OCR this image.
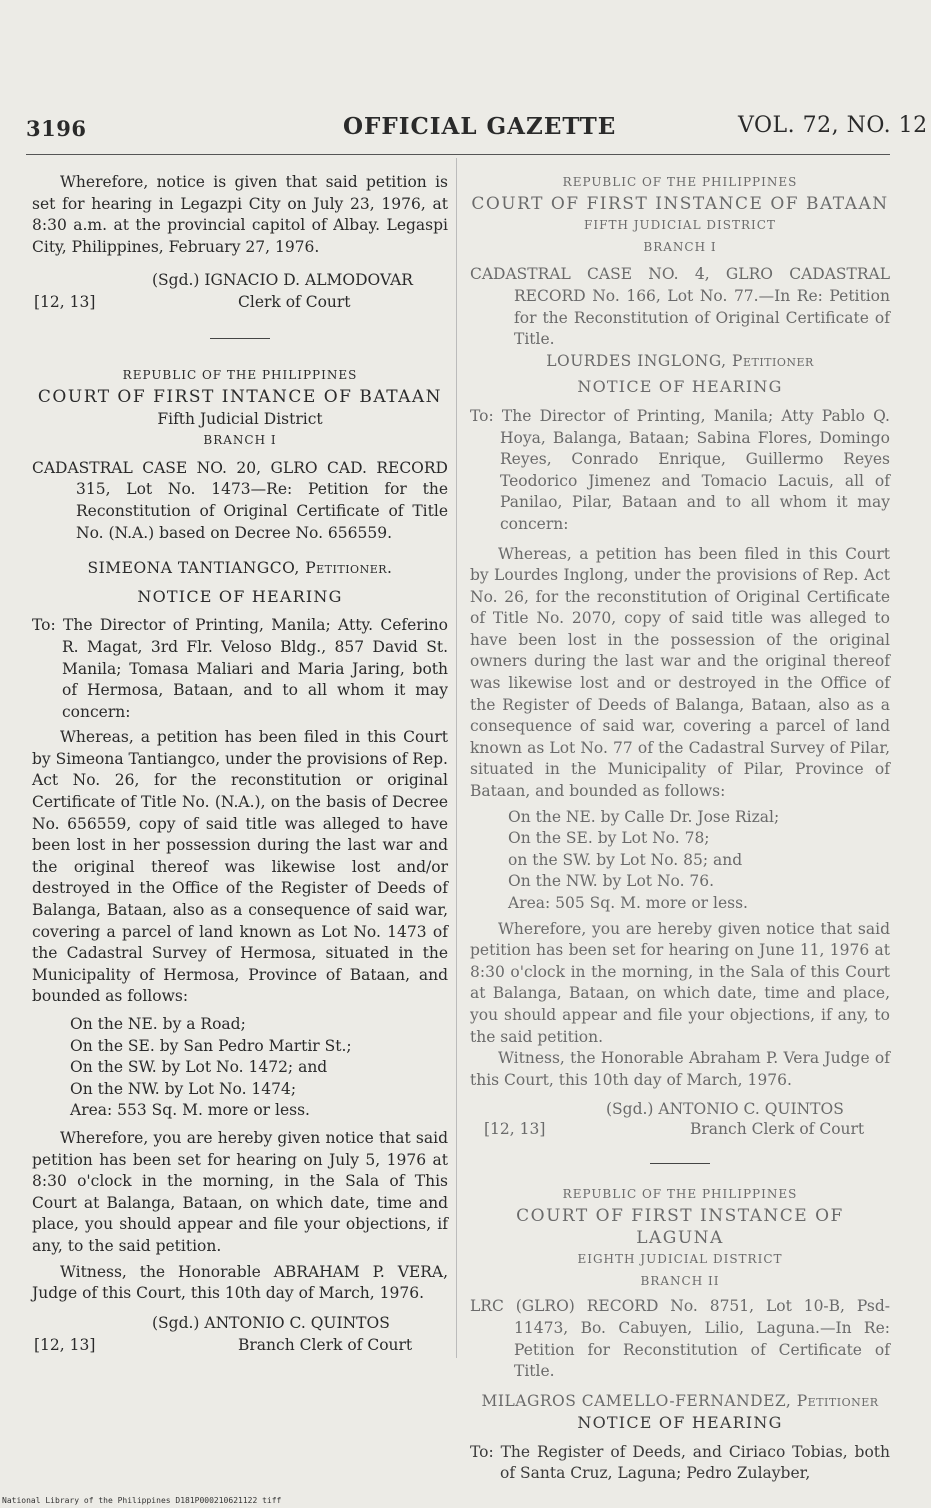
3196	OFFICIAL GAZETTE	VOL. 72, NO. 12

Wherefore, notice is given that said petition is set for hearing in Legazpi City on July 23, 1976, at 8:30 a.m. at the provincial capitol of Albay. Legaspi City, Philippines, February 27, 1976.

(Sgd.) IGNACIO D. ALMODOVAR
[12, 13]	Clerk of Court
REPUBLIC OF THE PHILIPPINES
COURT OF FIRST INTANCE OF BATAAN
Fifth Judicial District
BRANCH I

CADASTRAL CASE NO. 20, GLRO CAD. RECORD 315, Lot No. 1473—Re: Petition for the Reconstitution of Original Certificate of Title No. (N.A.) based on Decree No. 656559.

SIMEONA TANTIANGCO, Petitioner.
NOTICE OF HEARING

To: The Director of Printing, Manila; Atty. Ceferino R. Magat, 3rd Flr. Veloso Bldg., 857 David St. Manila; Tomasa Maliari and Maria Jaring, both of Hermosa, Bataan, and to all whom it may concern:

Whereas, a petition has been filed in this Court by Simeona Tantiangco, under the provisions of Rep. Act No. 26, for the reconstitution or original Certificate of Title No. (N.A.), on the basis of Decree No. 656559, copy of said title was alleged to have been lost in her possession during the last war and the original thereof was likewise lost and/or destroyed in the Office of the Register of Deeds of Balanga, Bataan, also as a consequence of said war, covering a parcel of land known as Lot No. 1473 of the Cadastral Survey of Hermosa, situated in the Municipality of Hermosa, Province of Bataan, and bounded as follows:

On the NE. by a Road;
On the SE. by San Pedro Martir St.;
On the SW. by Lot No. 1472; and
On the NW. by Lot No. 1474;
Area: 553 Sq. M. more or less.

Wherefore, you are hereby given notice that said petition has been set for hearing on July 5, 1976 at 8:30 o'clock in the morning, in the Sala of This Court at Balanga, Bataan, on which date, time and place, you should appear and file your objections, if any, to the said petition.

Witness, the Honorable ABRAHAM P. VERA, Judge of this Court, this 10th day of March, 1976.

(Sgd.) ANTONIO C. QUINTOS
[12, 13]	Branch Clerk of Court
REPUBLIC OF THE PHILIPPINES
COURT OF FIRST INSTANCE OF BATAAN
FIFTH JUDICIAL DISTRICT
BRANCH I

CADASTRAL CASE NO. 4, GLRO CADASTRAL RECORD No. 166, Lot No. 77.—In Re: Petition for the Reconstitution of Original Certificate of Title.

LOURDES INGLONG, Petitioner
NOTICE OF HEARING

To: The Director of Printing, Manila; Atty Pablo Q. Hoya, Balanga, Bataan; Sabina Flores, Domingo Reyes, Conrado Enrique, Guillermo Reyes Teodorico Jimenez and Tomacio Lacuis, all of Panilao, Pilar, Bataan and to all whom it may concern:

Whereas, a petition has been filed in this Court by Lourdes Inglong, under the provisions of Rep. Act No. 26, for the reconstitution of Original Certificate of Title No. 2070, copy of said title was alleged to have been lost in the possession of the original owners during the last war and the original thereof was likewise lost and or destroyed in the Office of the Register of Deeds of Balanga, Bataan, also as a consequence of said war, covering a parcel of land known as Lot No. 77 of the Cadastral Survey of Pilar, situated in the Municipality of Pilar, Province of Bataan, and bounded as follows:

On the NE. by Calle Dr. Jose Rizal;
On the SE. by Lot No. 78;
on the SW. by Lot No. 85; and
On the NW. by Lot No. 76.
Area: 505 Sq. M. more or less.

Wherefore, you are hereby given notice that said petition has been set for hearing on June 11, 1976 at 8:30 o'clock in the morning, in the Sala of this Court at Balanga, Bataan, on which date, time and place, you should appear and file your objections, if any, to the said petition.

Witness, the Honorable Abraham P. Vera Judge of this Court, this 10th day of March, 1976.

(Sgd.) ANTONIO C. QUINTOS
[12, 13]	Branch Clerk of Court
REPUBLIC OF THE PHILIPPINES
COURT OF FIRST INSTANCE OF LAGUNA
EIGHTH JUDICIAL DISTRICT
BRANCH II

LRC (GLRO) RECORD No. 8751, Lot 10-B, Psd-11473, Bo. Cabuyen, Lilio, Laguna.—In Re: Petition for Reconstitution of Certificate of Title.

MILAGROS CAMELLO-FERNANDEZ, Petitioner
NOTICE OF HEARING

To: The Register of Deeds, and Ciriaco Tobias, both of Santa Cruz, Laguna; Pedro Zulayber,

National Library of the Philippines D181P000210621122 tiff
